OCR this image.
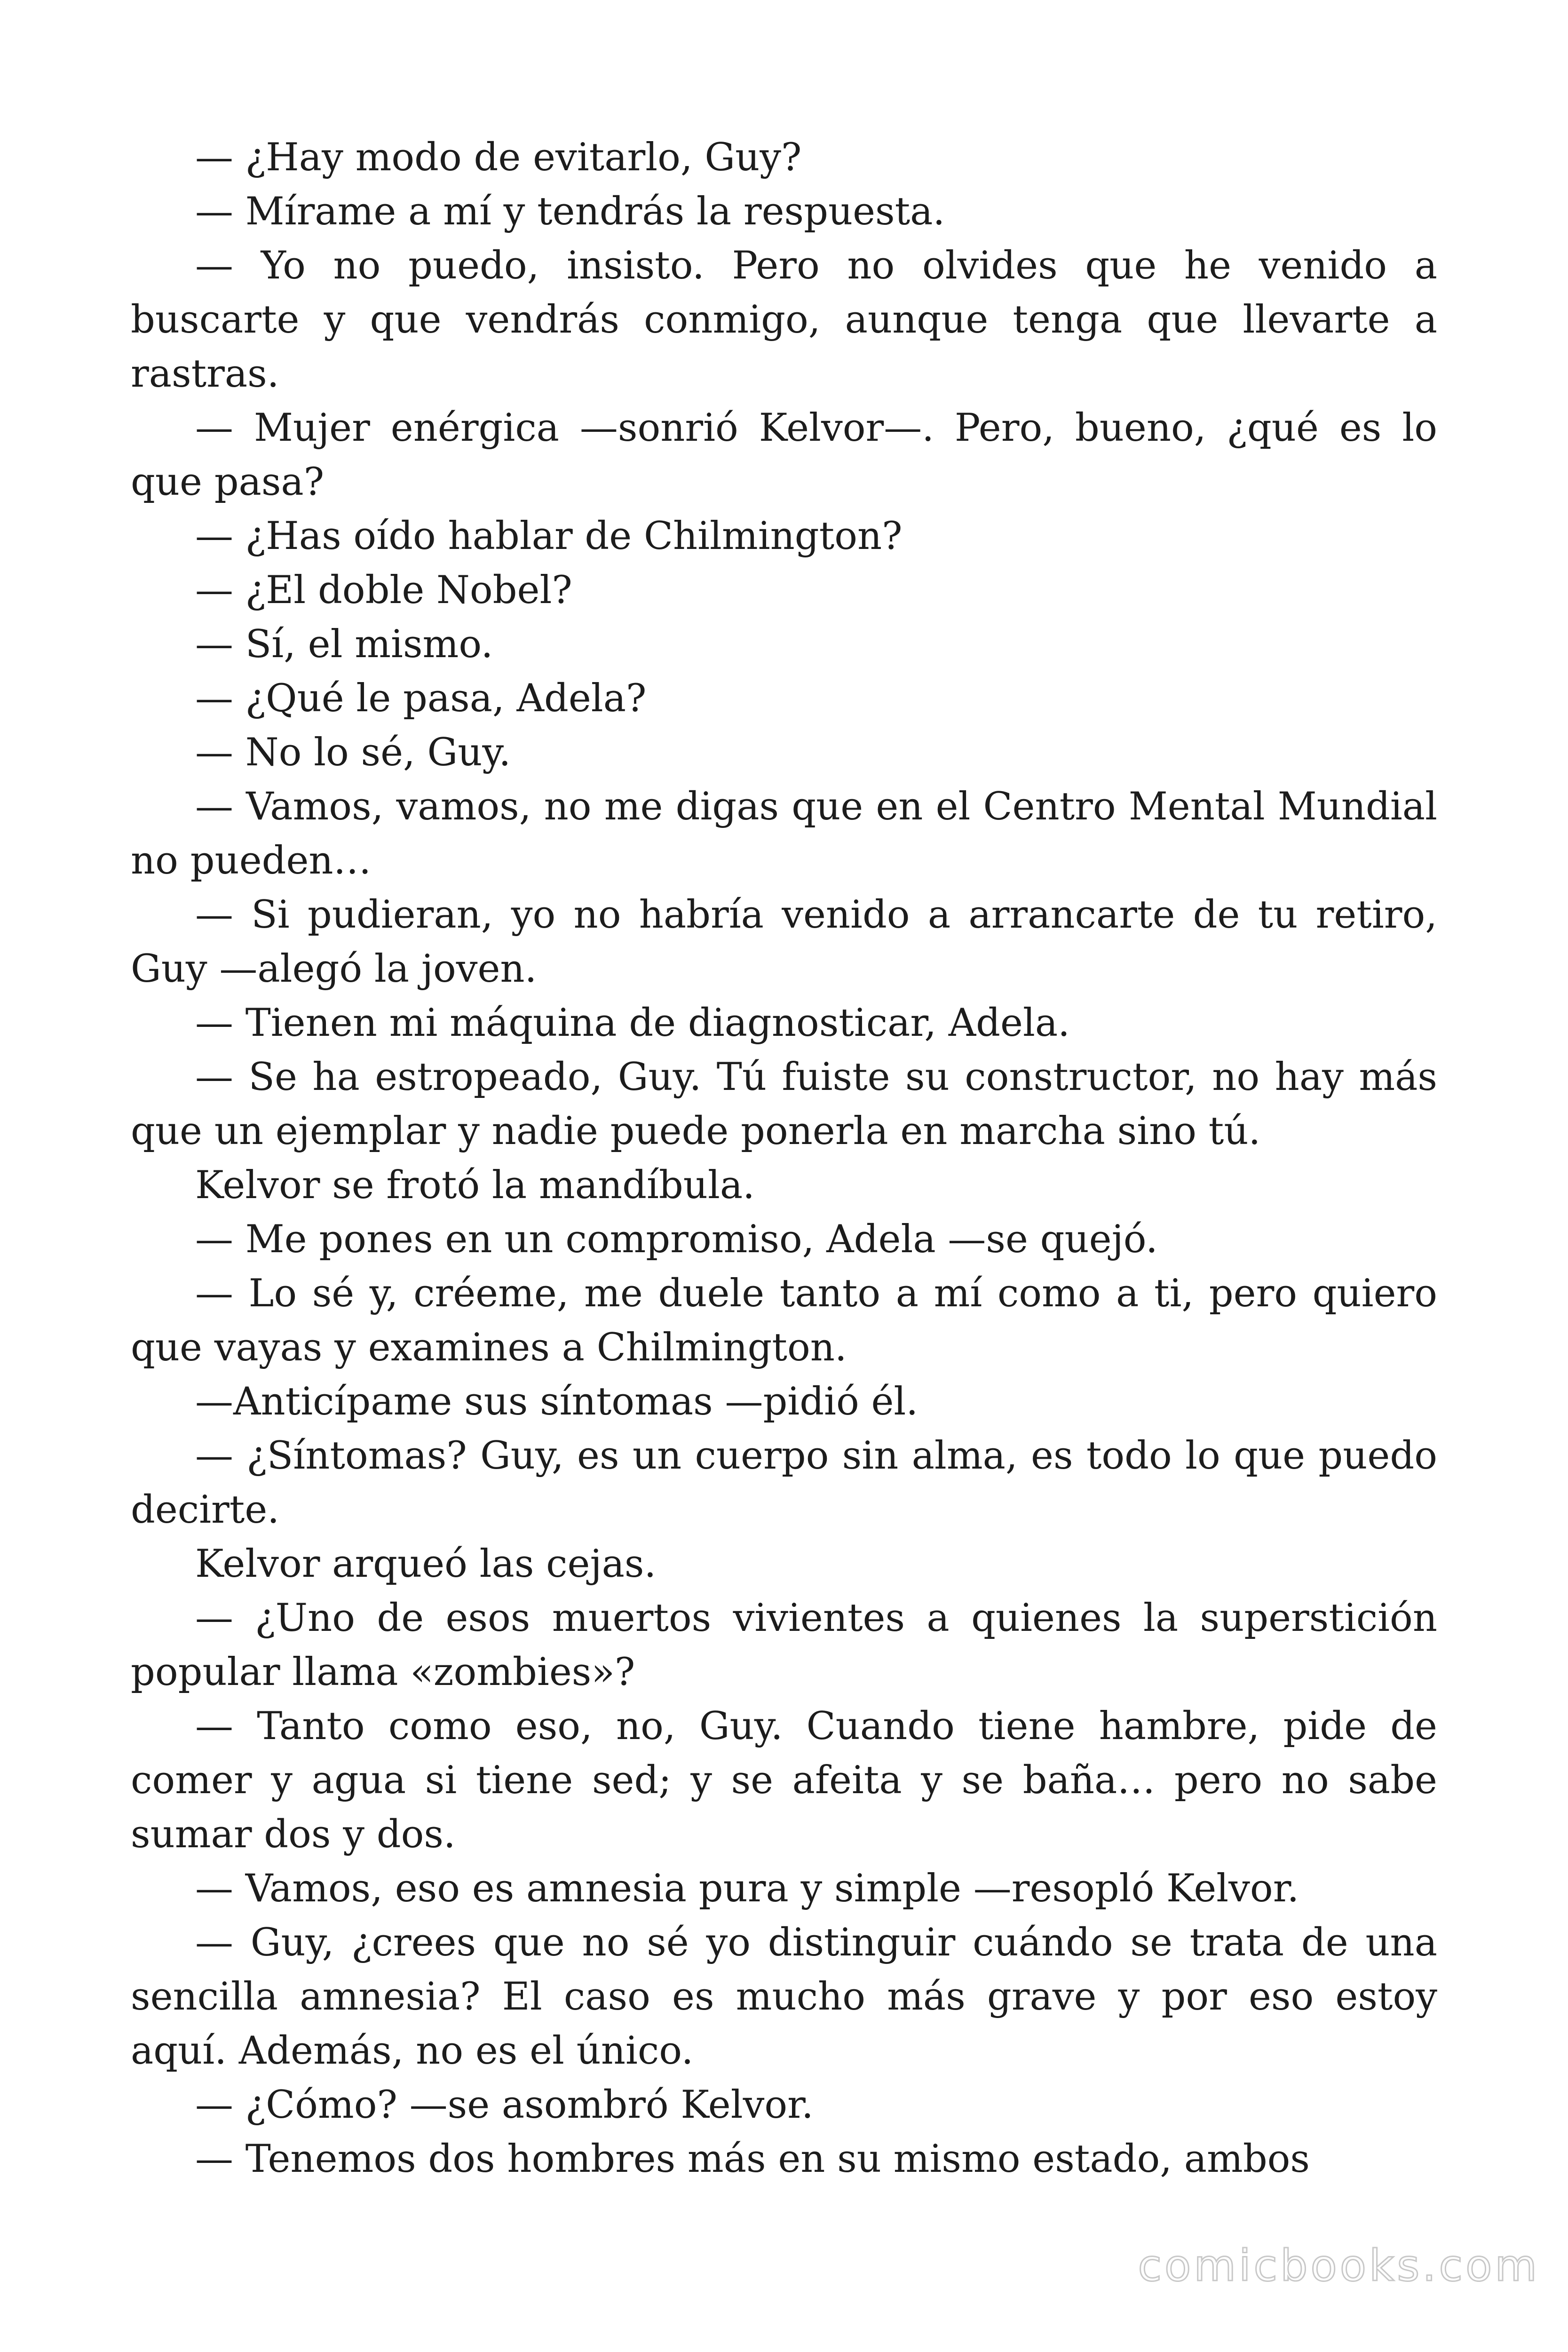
— ¿Hay modo de evitarlo, Guy?

— Mírame a mí y tendrás la respuesta.

— Yo no puedo, insisto. Pero no olvides que he venido a buscarte y que vendrás conmigo, aunque tenga que llevarte a rastras.

— Mujer enérgica —sonrió Kelvor—. Pero, bueno, ¿qué es lo que pasa?

— ¿Has oído hablar de Chilmington?

— ¿El doble Nobel?

— Sí, el mismo.

— ¿Qué le pasa, Adela?

— No lo sé, Guy.

— Vamos, vamos, no me digas que en el Centro Mental Mundial no pueden…

— Si pudieran, yo no habría venido a arrancarte de tu retiro, Guy —alegó la joven.

— Tienen mi máquina de diagnosticar, Adela.

— Se ha estropeado, Guy. Tú fuiste su constructor, no hay más que un ejemplar y nadie puede ponerla en marcha sino tú.

Kelvor se frotó la mandíbula.

— Me pones en un compromiso, Adela —se quejó.

— Lo sé y, créeme, me duele tanto a mí como a ti, pero quiero que vayas y examines a Chilmington.

—Anticípame sus síntomas —pidió él.

— ¿Síntomas? Guy, es un cuerpo sin alma, es todo lo que puedo decirte.

Kelvor arqueó las cejas.

— ¿Uno de esos muertos vivientes a quienes la superstición popular llama «zombies»?

— Tanto como eso, no, Guy. Cuando tiene hambre, pide de comer y agua si tiene sed; y se afeita y se baña… pero no sabe sumar dos y dos.

— Vamos, eso es amnesia pura y simple —resopló Kelvor.

— Guy, ¿crees que no sé yo distinguir cuándo se trata de una sencilla amnesia? El caso es mucho más grave y por eso estoy aquí. Además, no es el único.

— ¿Cómo? —se asombró Kelvor.

— Tenemos dos hombres más en su mismo estado, ambos

comicbooks.com
